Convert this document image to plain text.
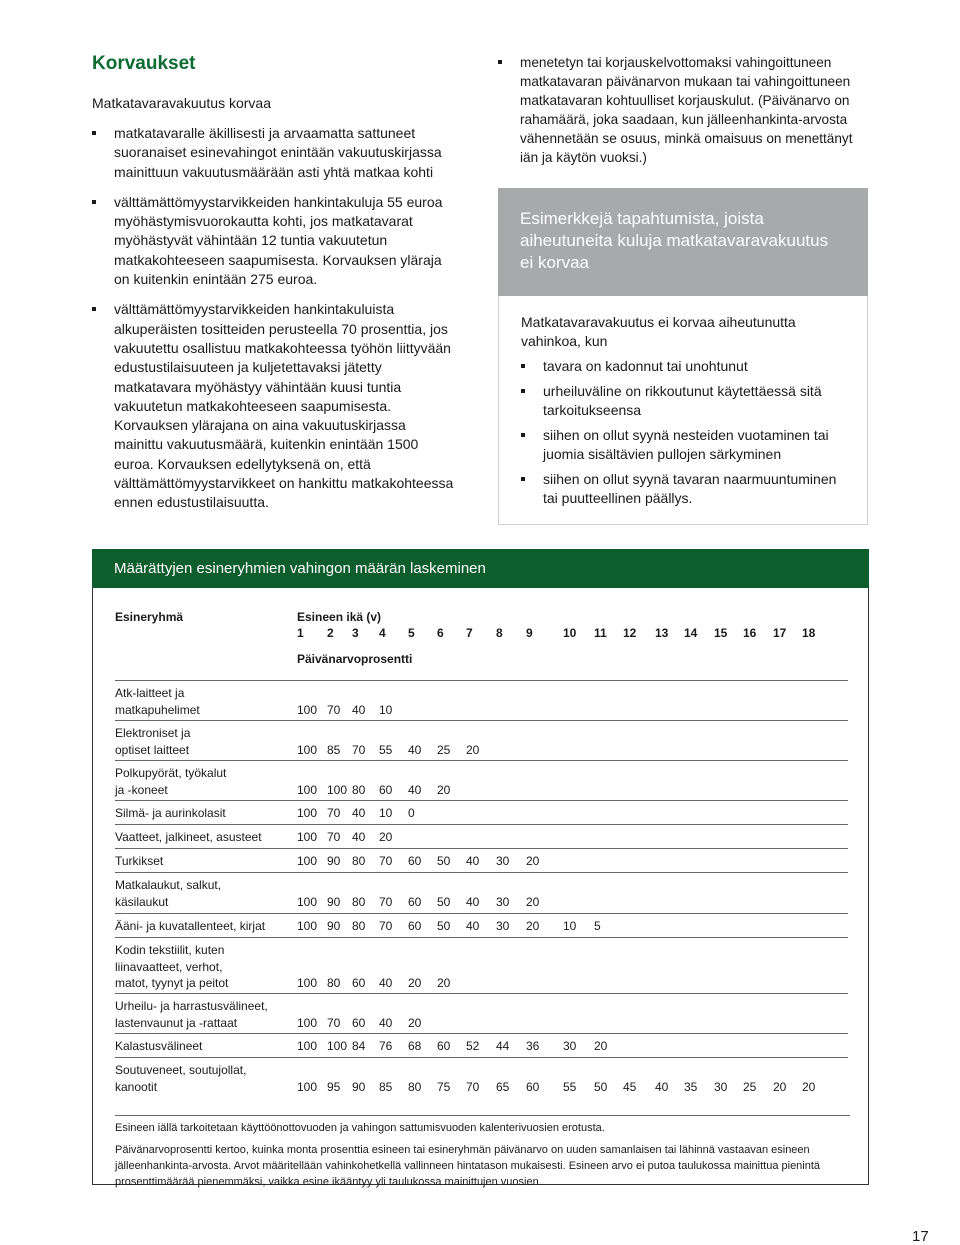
Korvaukset
Matkatavaravakuutus korvaa
matkatavaralle äkillisesti ja arvaamatta sattuneet suoranaiset esinevahingot enintään vakuutuskirjassa mainittuun vakuutusmäärään asti yhtä matkaa kohti
välttämättömyystarvikkeiden hankintakuluja 55 euroa myöhästymisvuorokautta kohti, jos matkatavarat myöhästyvät vähintään 12 tuntia vakuutetun matkakohteeseen saapumisesta. Korvauksen yläraja on kuitenkin enintään 275 euroa.
välttämättömyystarvikkeiden hankintakuluista alkuperäisten tositteiden perusteella 70 prosenttia, jos vakuutettu osallistuu matkakohteessa työhön liittyvään edustustilaisuuteen ja kuljetettavaksi jätetty matkatavara myöhästyy vähintään kuusi tuntia vakuutetun matkakohteeseen saapumisesta. Korvauksen ylärajana on aina vakuutuskirjassa mainittu vakuutusmäärä, kuitenkin enintään 1500 euroa. Korvauksen edellytyksenä on, että välttämättömyystarvikkeet on hankittu matkakohteessa ennen edustustilaisuutta.
menetetyn tai korjauskelvottomaksi vahingoittuneen matkatavaran päivänarvon mukaan tai vahingoittuneen matkatavaran kohtuulliset korjauskulut. (Päivänarvo on rahamäärä, joka saadaan, kun jälleenhankinta-arvosta vähennetään se osuus, minkä omaisuus on menettänyt iän ja käytön vuoksi.)
Esimerkkejä tapahtumista, joista aiheutuneita kuluja matkatavaravakuutus ei korvaa
Matkatavaravakuutus ei korvaa aiheutunutta vahinkoa, kun
tavara on kadonnut tai unohtunut
urheiluväline on rikkoutunut käytettäessä sitä tarkoitukseensa
siihen on ollut syynä nesteiden vuotaminen tai juomia sisältävien pullojen särkyminen
siihen on ollut syynä tavaran naarmuuntuminen tai puutteellinen päällys.
Määrättyjen esineryhmien vahingon määrän laskeminen
Esineryhmä	Esineen ikä (v)
1	2	3	4	5	6	7	8	9	10	11	12	13	14	15	16	17	18
Päivänarvoprosentti
Atk-laitteet ja
matkapuhelimet	100 70 40	10
Elektroniset ja
optiset laitteet	100 85 70	55	40	25	20
Polkupyörät, työkalut
ja -koneet	100 100 80	60	40	20
Silmä- ja aurinkolasit	100 70 40	10	0
Vaatteet, jalkineet, asusteet	100 70 40	20
Turkikset	100 90 80	70	60	50	40	30	20
Matkalaukut, salkut,
käsilaukut	100 90 80	70	60	50	40	30	20
Ääni- ja kuvatallenteet, kirjat	100 90 80	70	60	50	40	30	20	10	5
Kodin tekstiilit, kuten
liinavaatteet, verhot,
matot, tyynyt ja peitot	100 80 60	40	20	20
Urheilu- ja harrastusvälineet,
lastenvaunut ja -rattaat	100 70 60	40	20
Kalastusvälineet	100 100 84	76	68	60	52	44	36	30	20
Soutuveneet, soutujollat,
kanootit	100 95 90	85	80	75	70	65	60	55	50	45	40	35	30	25	20	20

Esineen iällä tarkoitetaan käyttöönottovuoden ja vahingon sattumisvuoden kalenterivuosien erotusta.

Päivänarvoprosentti kertoo, kuinka monta prosenttia esineen tai esineryhmän päivänarvo on uuden samanlaisen tai lähinnä vastaavan esineen jälleenhankinta-arvosta. Arvot määritellään vahinkohetkellä vallinneen hintatason mukaisesti. Esineen arvo ei putoa taulukossa mainittua pienintä prosenttimäärää pienemmäksi, vaikka esine ikääntyy yli taulukossa mainittujen vuosien.

17
